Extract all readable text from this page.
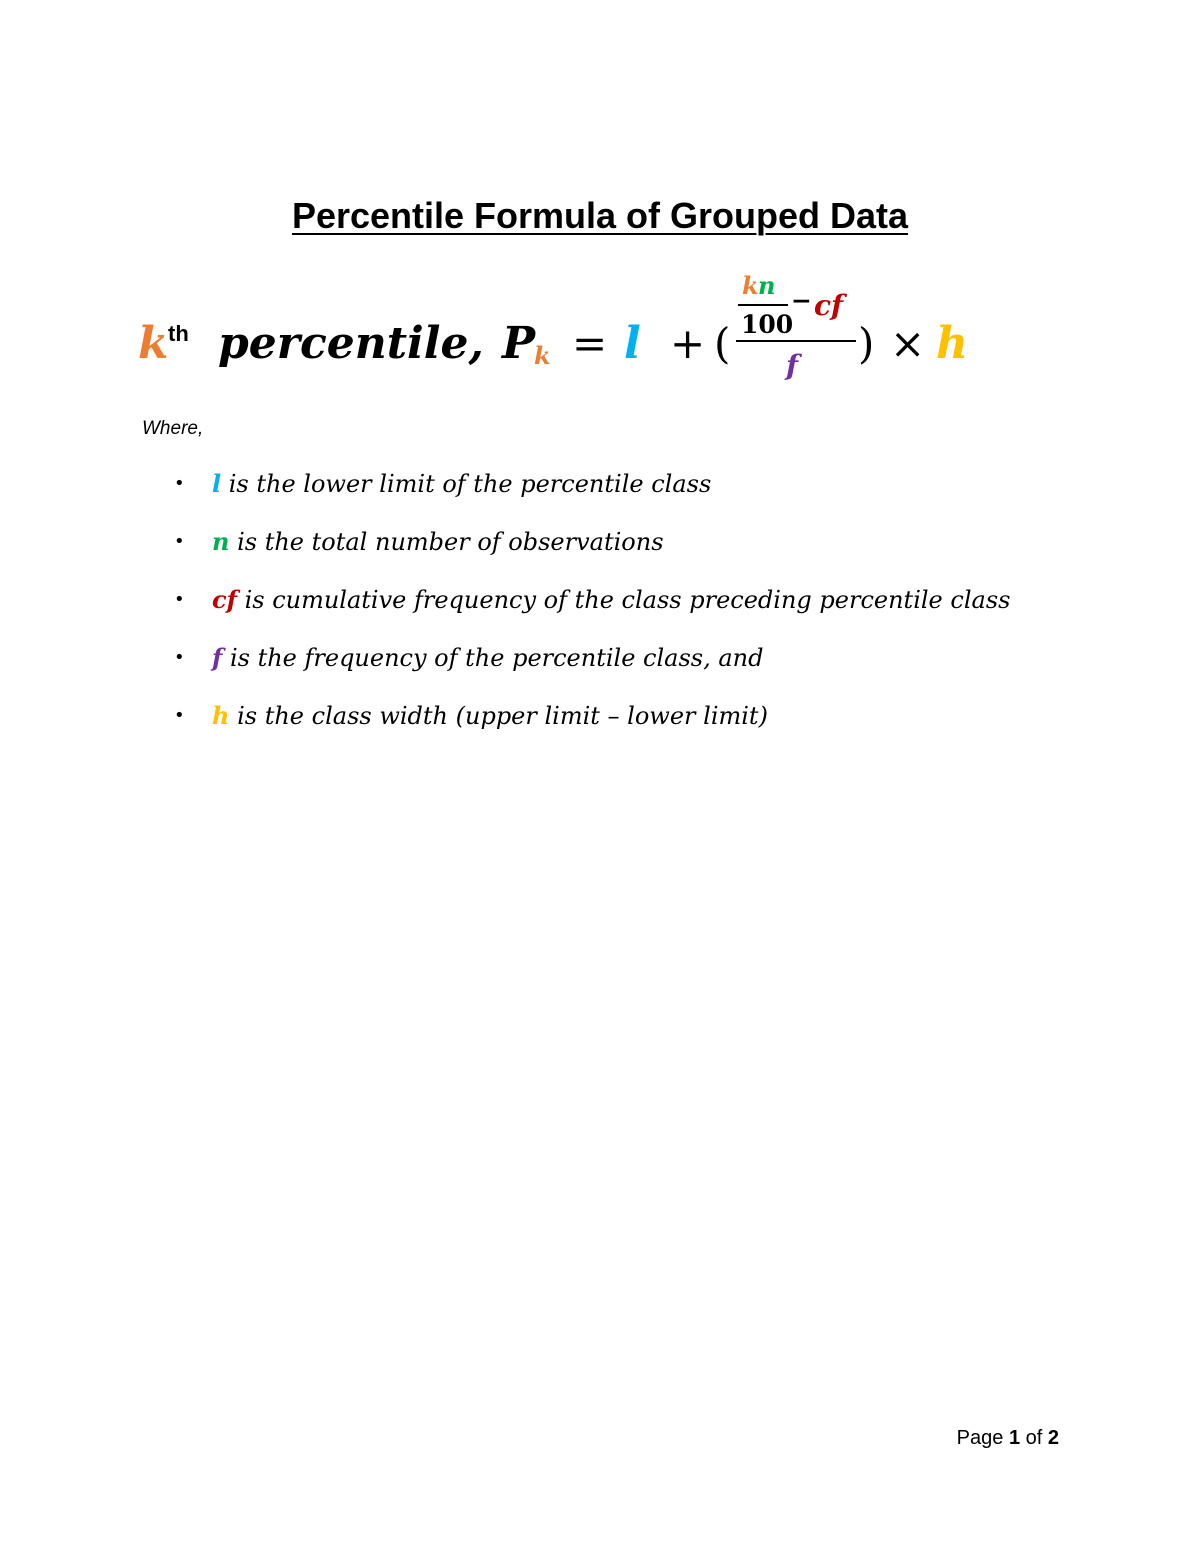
Percentile Formula of Grouped Data
k th percentile, P
k = l + (
k n
100
− cf
f ) × h
Where,
• l is the lower limit of the percentile class
• n is the total number of observations
• cf is cumulative frequency of the class preceding percentile class
• f is the frequency of the percentile class, and
• h is the class width (upper limit – lower limit)
Page 1 of 2
